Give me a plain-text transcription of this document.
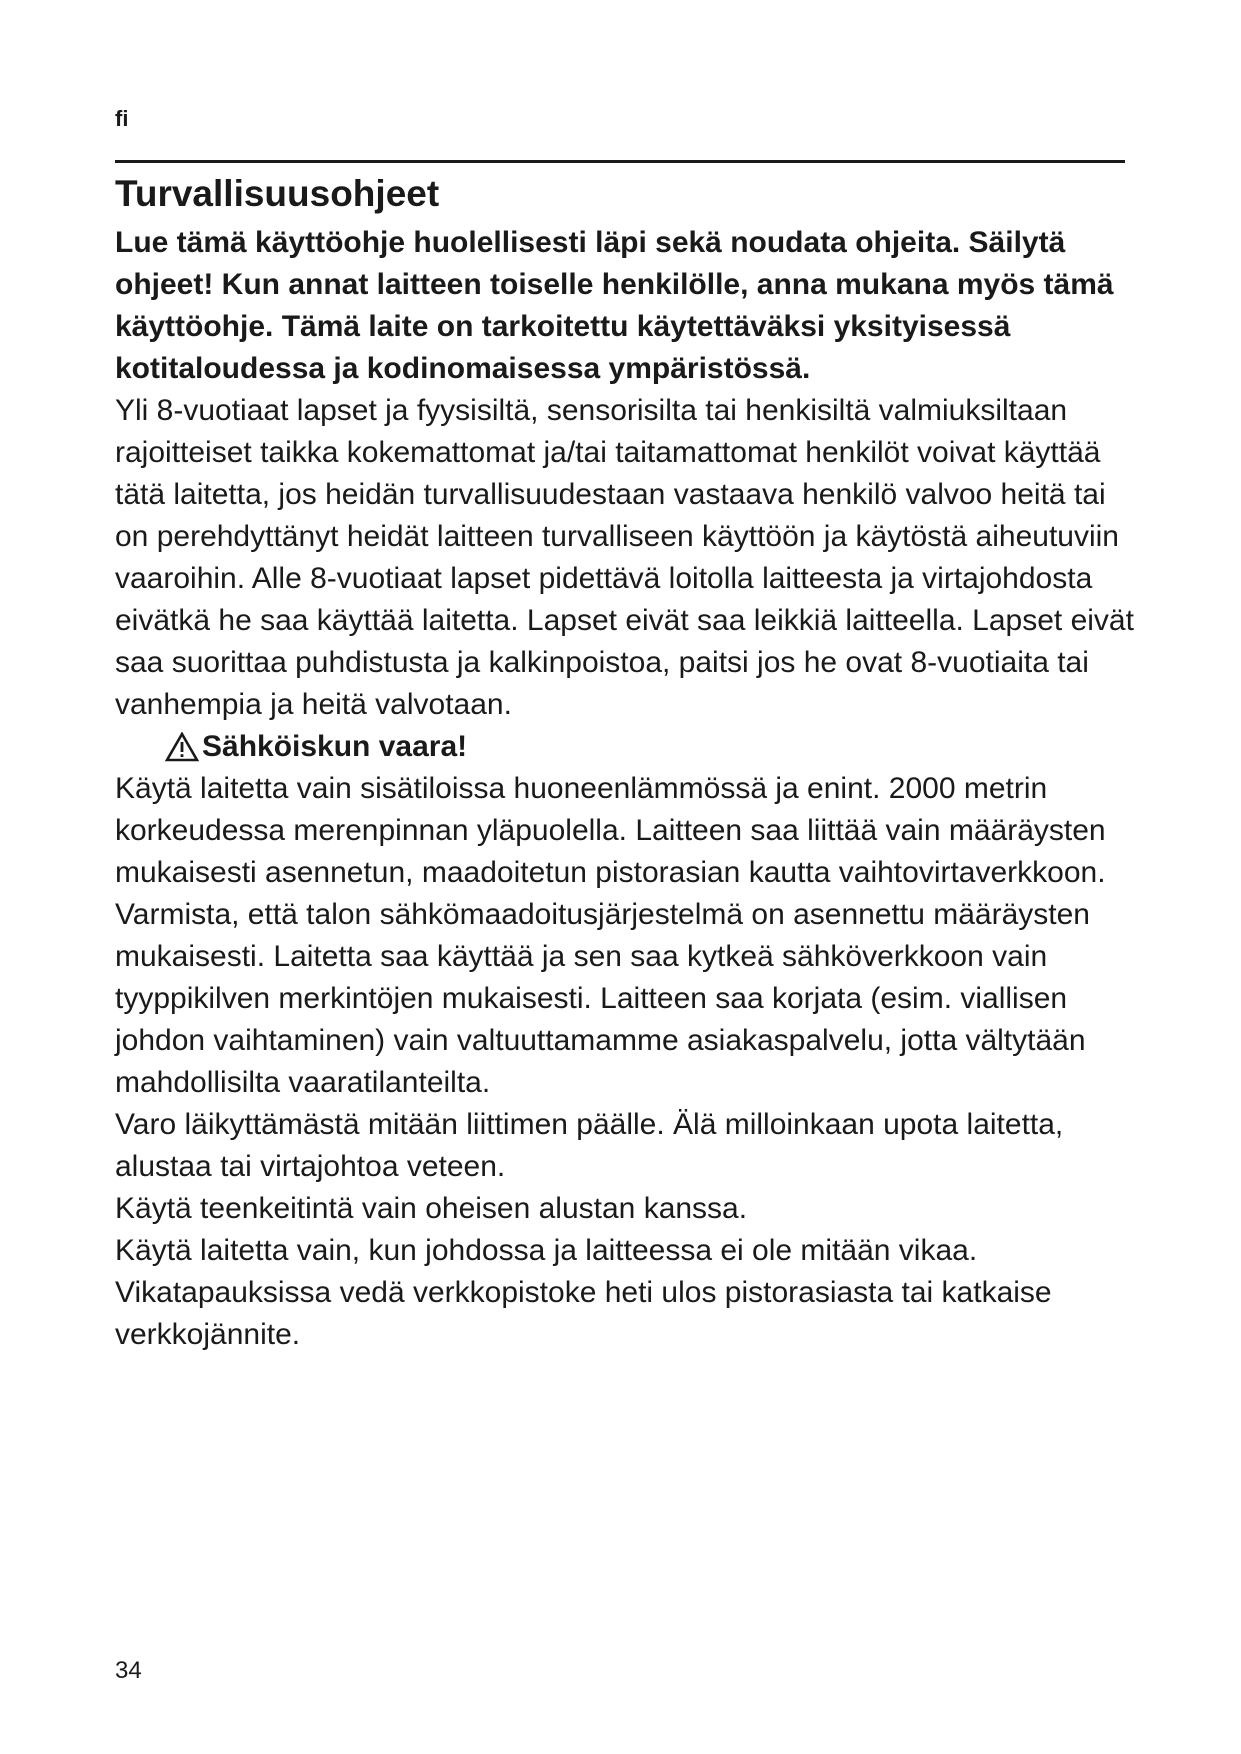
fi
Turvallisuusohjeet

Lue tämä käyttöohje huolellisesti läpi sekä noudata ohjeita. Säilytä ohjeet! Kun annat laitteen toiselle henkilölle, anna mukana myös tämä käyttöohje. Tämä laite on tarkoitettu käytettäväksi yksityisessä kotitaloudessa ja kodinomaisessa ympäristössä.

Yli 8-vuotiaat lapset ja fyysisiltä, sensorisilta tai henkisiltä valmiuksiltaan rajoitteiset taikka kokemattomat ja/tai taitamattomat henkilöt voivat käyttää tätä laitetta, jos heidän turvallisuudestaan vastaava henkilö valvoo heitä tai on perehdyttänyt heidät laitteen turvalliseen käyttöön ja käytöstä aiheutuviin vaaroihin. Alle 8-vuotiaat lapset pidettävä loitolla laitteesta ja virtajohdosta eivätkä he saa käyttää laitetta. Lapset eivät saa leikkiä laitteella. Lapset eivät saa suorittaa puhdistusta ja kalkinpoistoa, paitsi jos he ovat 8-vuotiaita tai vanhempia ja heitä valvotaan.

Sähköiskun vaara!

Käytä laitetta vain sisätiloissa huoneenlämmössä ja enint. 2000 metrin korkeudessa merenpinnan yläpuolella. Laitteen saa liittää vain määräysten mukaisesti asennetun, maadoitetun pistorasian kautta vaihtovirtaverkkoon. Varmista, että talon sähkömaadoitusjärjestelmä on asennettu määräysten mukaisesti. Laitetta saa käyttää ja sen saa kytkeä sähköverkkoon vain tyyppikilven merkintöjen mukaisesti. Laitteen saa korjata (esim. viallisen johdon vaihtaminen) vain valtuuttamamme asiakaspalvelu, jotta vältytään mahdollisilta vaaratilanteilta.

Varo läikyttämästä mitään liittimen päälle. Älä milloinkaan upota laitetta, alustaa tai virtajohtoa veteen.

Käytä teenkeitintä vain oheisen alustan kanssa.

Käytä laitetta vain, kun johdossa ja laitteessa ei ole mitään vikaa. Vikatapauksissa vedä verkkopistoke heti ulos pistorasiasta tai katkaise verkkojännite.

34
